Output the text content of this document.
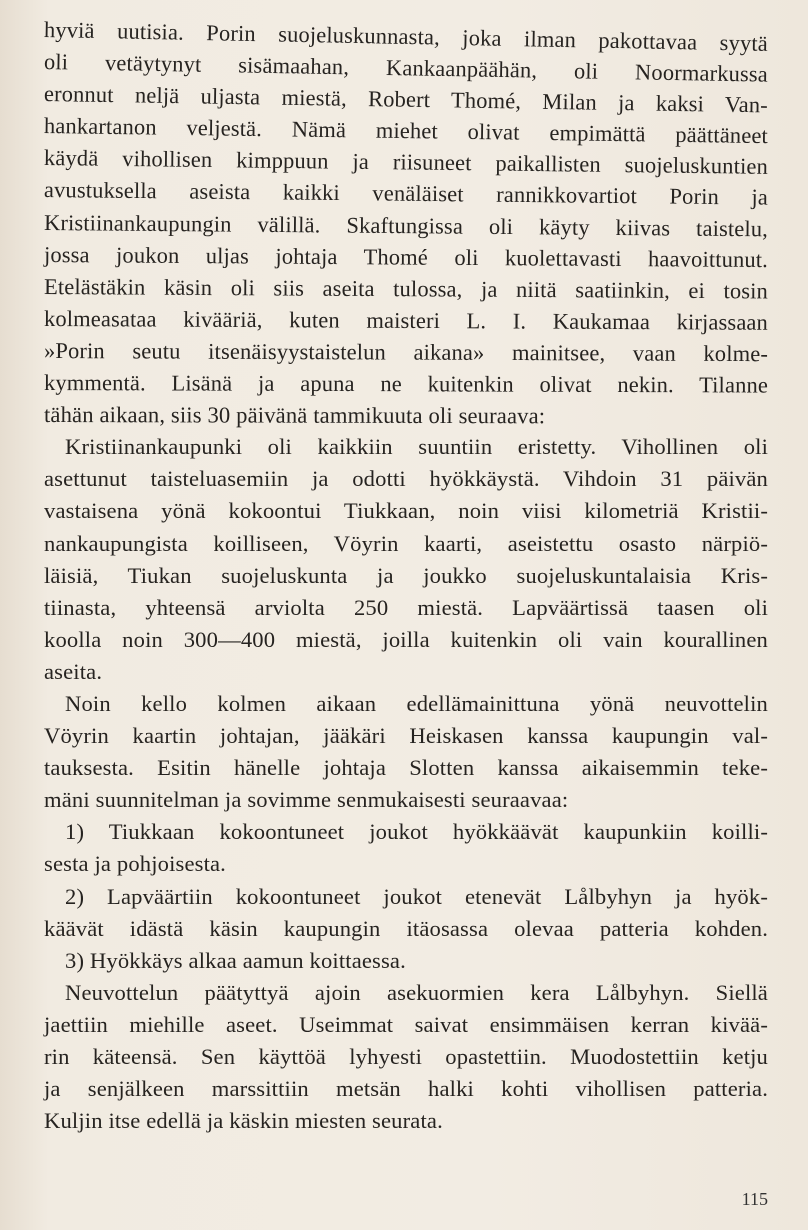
hyviä uutisia. Porin suojeluskunnasta, joka ilman pakottavaa syytä
oli vetäytynyt sisämaahan, Kankaanpäähän, oli Noormarkussa
eronnut neljä uljasta miestä, Robert Thomé, Milan ja kaksi Van-
hankartanon veljestä. Nämä miehet olivat empimättä päättäneet
käydä vihollisen kimppuun ja riisuneet paikallisten suojeluskuntien
avustuksella aseista kaikki venäläiset rannikkovartiot Porin ja
Kristiinankaupungin välillä. Skaftungissa oli käyty kiivas taistelu,
jossa joukon uljas johtaja Thomé oli kuolettavasti haavoittunut.
Etelästäkin käsin oli siis aseita tulossa, ja niitä saatiinkin, ei tosin
kolmeasataa kivääriä, kuten maisteri L. I. Kaukamaa kirjassaan
»Porin seutu itsenäisyystaistelun aikana» mainitsee, vaan kolme-
kymmentä. Lisänä ja apuna ne kuitenkin olivat nekin. Tilanne
tähän aikaan, siis 30 päivänä tammikuuta oli seuraava:
Kristiinankaupunki oli kaikkiin suuntiin eristetty. Vihollinen oli
asettunut taisteluasemiin ja odotti hyökkäystä. Vihdoin 31 päivän
vastaisena yönä kokoontui Tiukkaan, noin viisi kilometriä Kristii-
nankaupungista koilliseen, Vöyrin kaarti, aseistettu osasto närpiö-
läisiä, Tiukan suojeluskunta ja joukko suojeluskuntalaisia Kris-
tiinasta, yhteensä arviolta 250 miestä. Lapväärtissä taasen oli
koolla noin 300—400 miestä, joilla kuitenkin oli vain kourallinen
aseita.
Noin kello kolmen aikaan edellämainittuna yönä neuvottelin
Vöyrin kaartin johtajan, jääkäri Heiskasen kanssa kaupungin val-
tauksesta. Esitin hänelle johtaja Slotten kanssa aikaisemmin teke-
mäni suunnitelman ja sovimme senmukaisesti seuraavaa:
1) Tiukkaan kokoontuneet joukot hyökkäävät kaupunkiin koilli-
sesta ja pohjoisesta.
2) Lapväärtiin kokoontuneet joukot etenevät Lålbyhyn ja hyök-
käävät idästä käsin kaupungin itäosassa olevaa patteria kohden.
3) Hyökkäys alkaa aamun koittaessa.
Neuvottelun päätyttyä ajoin asekuormien kera Lålbyhyn. Siellä
jaettiin miehille aseet. Useimmat saivat ensimmäisen kerran kivää-
rin käteensä. Sen käyttöä lyhyesti opastettiin. Muodostettiin ketju
ja senjälkeen marssittiin metsän halki kohti vihollisen patteria.
Kuljin itse edellä ja käskin miesten seurata.
115
